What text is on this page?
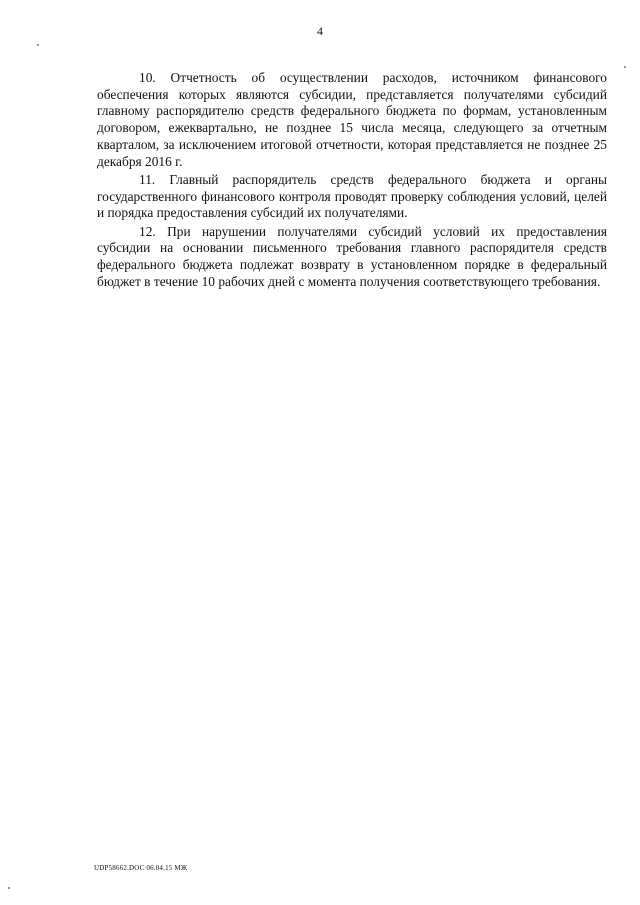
4

10. Отчетность об осуществлении расходов, источником финансового обеспечения которых являются субсидии, представляется получателями субсидий главному распорядителю средств федерального бюджета по формам, установленным договором, ежеквартально, не позднее 15 числа месяца, следующего за отчетным кварталом, за исключением итоговой отчетности, которая представляется не позднее 25 декабря 2016 г.

11. Главный распорядитель средств федерального бюджета и органы государственного финансового контроля проводят проверку соблюдения условий, целей и порядка предоставления субсидий их получателями.

12. При нарушении получателями субсидий условий их предоставления субсидии на основании письменного требования главного распорядителя средств федерального бюджета подлежат возврату в установленном порядке в федеральный бюджет в течение 10 рабочих дней с момента получения соответствующего требования.

UDP58662.DOC 06.04.15 МЖ
